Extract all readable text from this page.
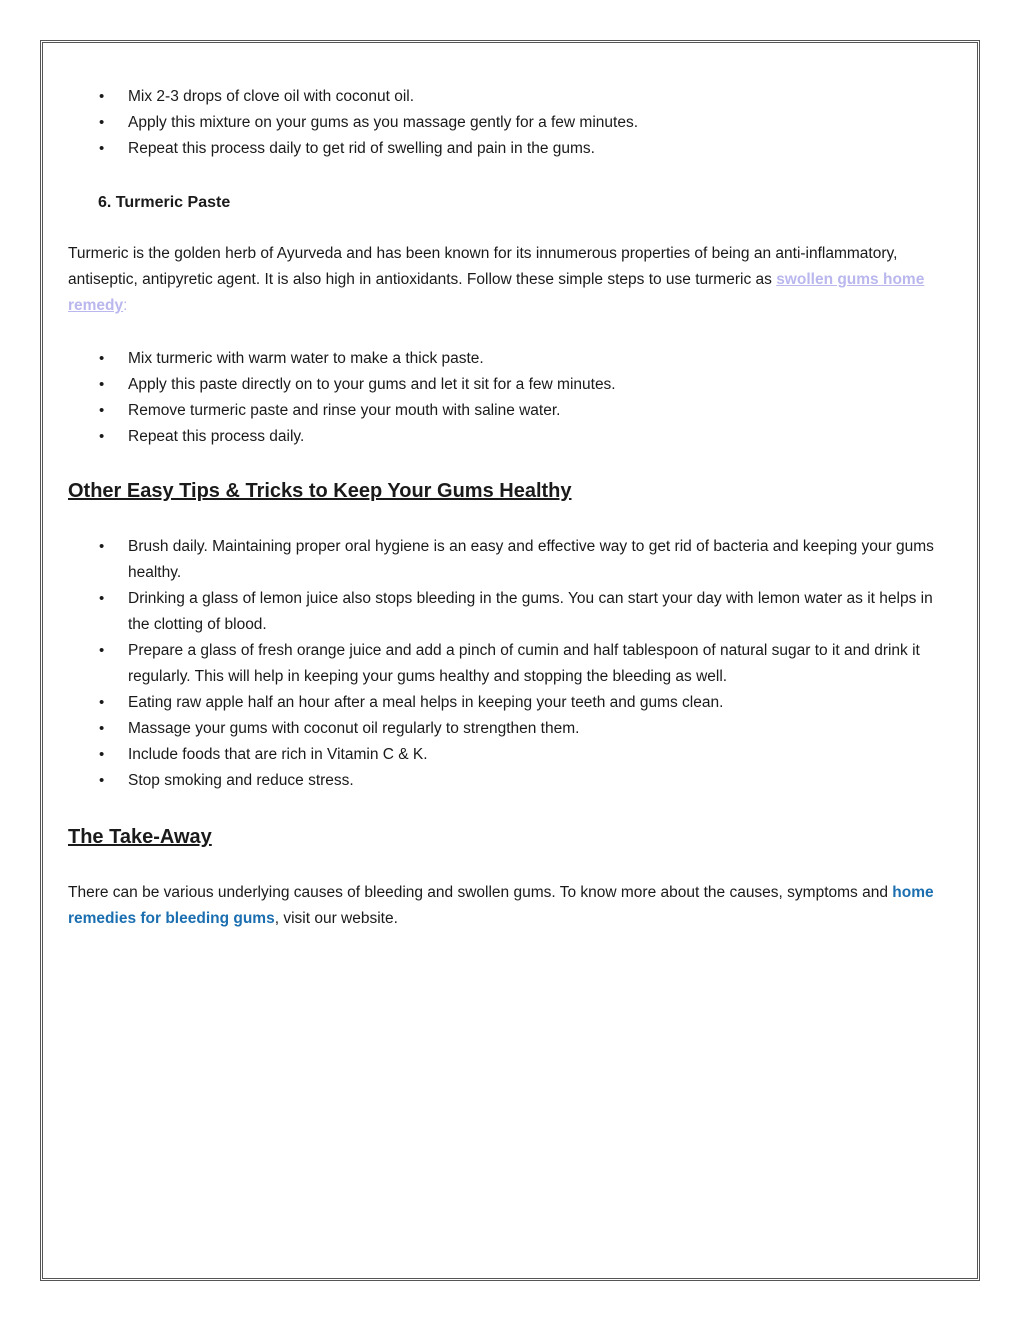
• Mix 2-3 drops of clove oil with coconut oil.
• Apply this mixture on your gums as you massage gently for a few minutes.
• Repeat this process daily to get rid of swelling and pain in the gums.
6. Turmeric Paste

Turmeric is the golden herb of Ayurveda and has been known for its innumerous properties of being an anti-inflammatory, antiseptic, antipyretic agent. It is also high in antioxidants. Follow these simple steps to use turmeric as swollen gums home remedy:

• Mix turmeric with warm water to make a thick paste.
• Apply this paste directly on to your gums and let it sit for a few minutes.
• Remove turmeric paste and rinse your mouth with saline water.
• Repeat this process daily.
Other Easy Tips & Tricks to Keep Your Gums Healthy
• Brush daily. Maintaining proper oral hygiene is an easy and effective way to get rid of bacteria and keeping your gums healthy.
• Drinking a glass of lemon juice also stops bleeding in the gums. You can start your day with lemon water as it helps in the clotting of blood.
• Prepare a glass of fresh orange juice and add a pinch of cumin and half tablespoon of natural sugar to it and drink it regularly. This will help in keeping your gums healthy and stopping the bleeding as well.
• Eating raw apple half an hour after a meal helps in keeping your teeth and gums clean.
• Massage your gums with coconut oil regularly to strengthen them.
• Include foods that are rich in Vitamin C & K.
• Stop smoking and reduce stress.
The Take-Away

There can be various underlying causes of bleeding and swollen gums. To know more about the causes, symptoms and home remedies for bleeding gums, visit our website.
